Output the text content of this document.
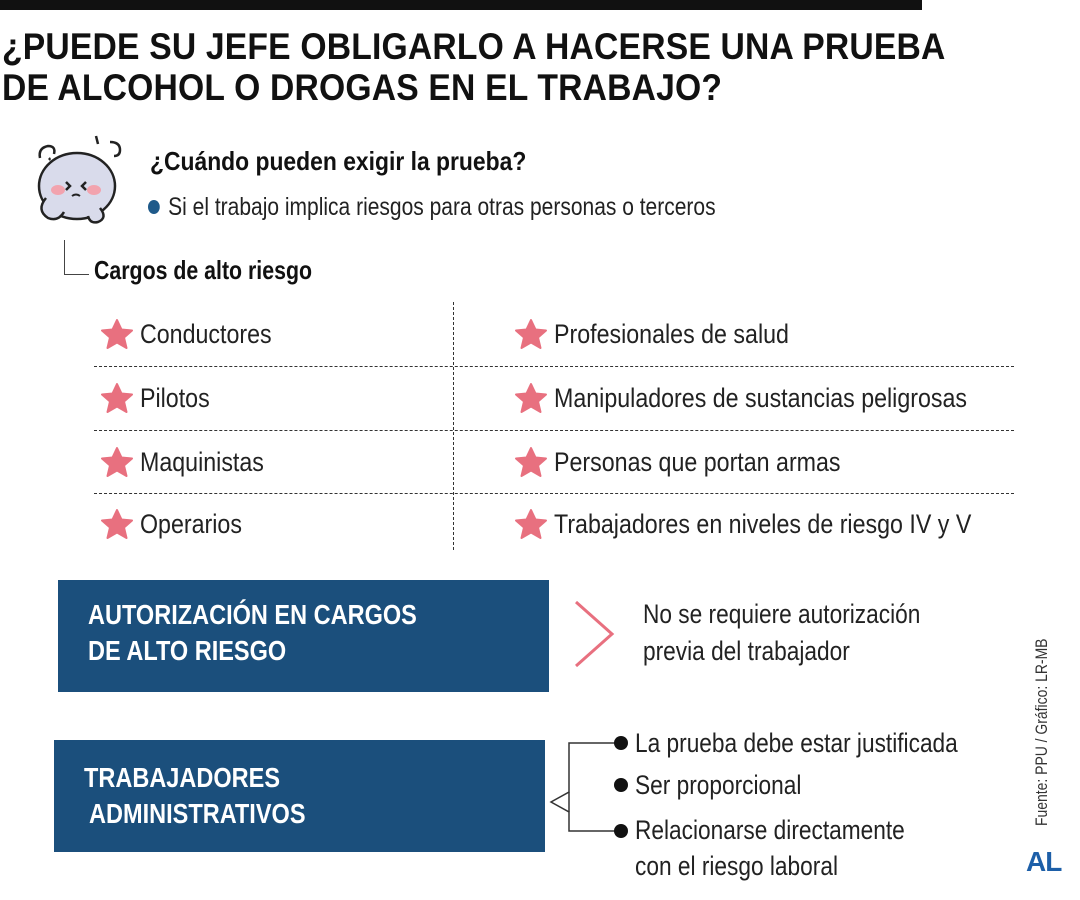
¿PUEDE SU JEFE OBLIGARLO A HACERSE UNA PRUEBA
DE ALCOHOL O DROGAS EN EL TRABAJO?
¿Cuándo pueden exigir la prueba?
Si el trabajo implica riesgos para otras personas o terceros
Cargos de alto riesgo
Conductores
Pilotos
Maquinistas
Operarios
Profesionales de salud
Manipuladores de sustancias peligrosas
Personas que portan armas
Trabajadores en niveles de riesgo IV y V
AUTORIZACIÓN EN CARGOS
DE ALTO RIESGO
No se requiere autorización
previa del trabajador
TRABAJADORES
ADMINISTRATIVOS
La prueba debe estar justificada
Ser proporcional
Relacionarse directamente
con el riesgo laboral
Fuente: PPU / Gráfico: LR-MB
AL
